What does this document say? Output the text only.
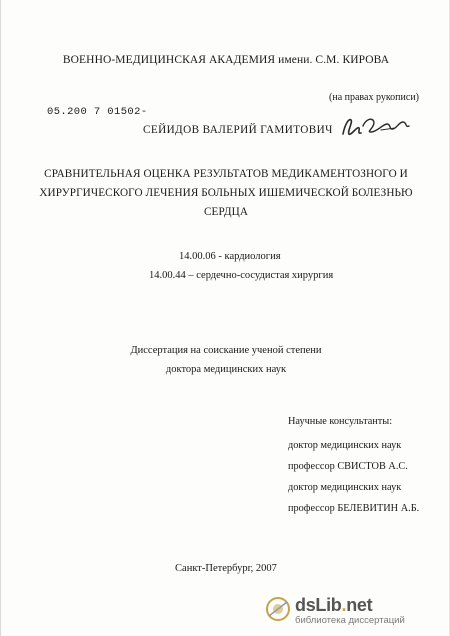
ВОЕННО-МЕДИЦИНСКАЯ АКАДЕМИЯ имени. С.М. КИРОВА
05.200 7 01502-
(на правах рукописи)
СЕЙИДОВ ВАЛЕРИЙ ГАМИТОВИЧ
СРАВНИТЕЛЬНАЯ ОЦЕНКА РЕЗУЛЬТАТОВ МЕДИКАМЕНТОЗНОГО И
ХИРУРГИЧЕСКОГО ЛЕЧЕНИЯ БОЛЬНЫХ ИШЕМИЧЕСКОЙ БОЛЕЗНЬЮ
СЕРДЦА
14.00.06 - кардиология
14.00.44 – сердечно-сосудистая хирургия
Диссертация на соискание ученой степени
доктора медицинских наук
Научные консультанты:
доктор медицинских наук
профессор СВИСТОВ А.С.
доктор медицинских наук
профессор БЕЛЕВИТИН А.Б.
Санкт-Петербург, 2007
dsLib.net
библиотека диссертаций
